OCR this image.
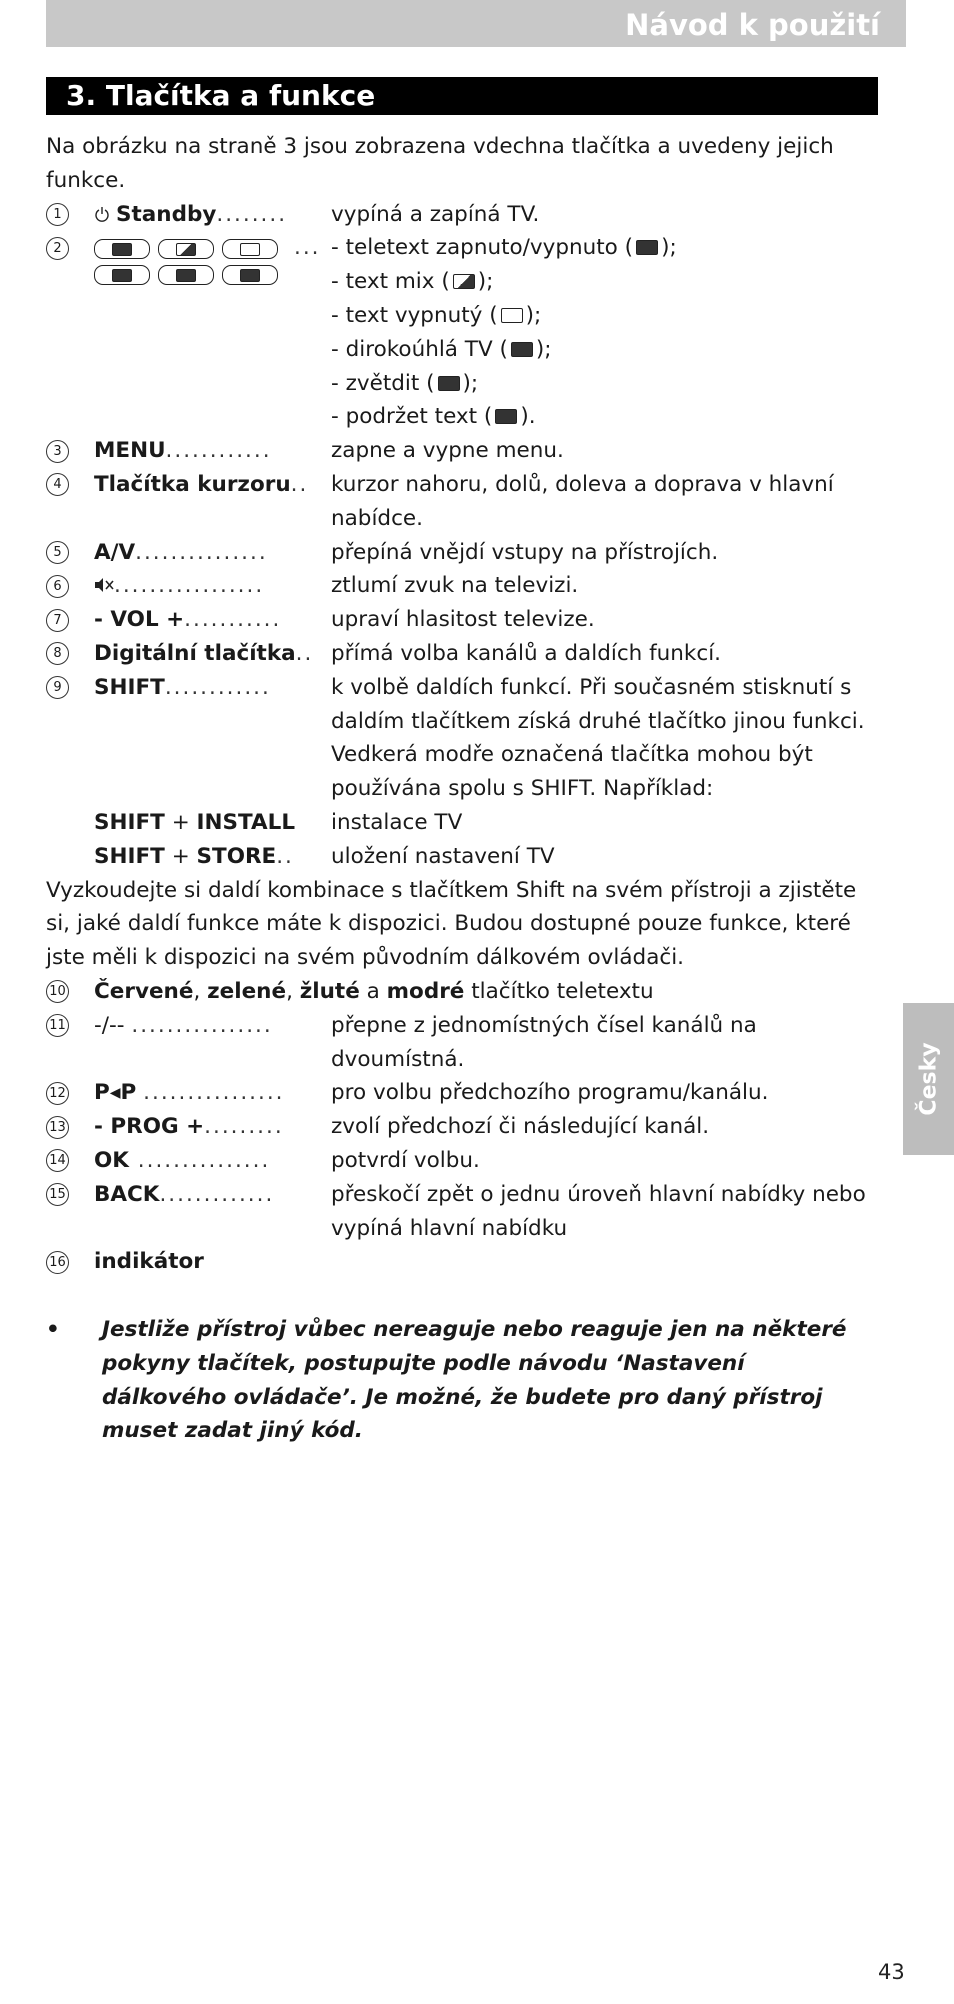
Návod k použití
3. Tlačítka a funkce

Na obrázku na straně 3 jsou zobrazena vdechna tlačítka a uvedeny jejich funkce.

1	Standby........	vypíná a zapíná TV.
2	... - teletext zapnuto/vypnuto ( );
- text mix ( );
- text vypnutý ( );
- dirokoúhlá TV ( );
- zvětdit ( );
- podržet text ( ).
3	MENU............	zapne a vypne menu.
4	Tlačítka kurzoru..	kurzor nahoru, dolů, doleva a doprava v hlavní nabídce.
5	A/V...............	přepíná vnějdí vstupy na přístrojích.
6	.................	ztlumí zvuk na televizi.
7	- VOL +...........	upraví hlasitost televize.
8	Digitální tlačítka.. přímá volba kanálů a daldích funkcí.
9	SHIFT............	k volbě daldích funkcí. Při současném stisknutí s daldím tlačítkem získá druhé tlačítko jinou funkci. Vedkerá modře označená tlačítka mohou být používána spolu s SHIFT. Například:
SHIFT + INSTALL	instalace TV
SHIFT + STORE..	uložení nastavení TV

Vyzkoudejte si daldí kombinace s tlačítkem Shift na svém přístroji a zjistěte si, jaké daldí funkce máte k dispozici. Budou dostupné pouze funkce, které jste měli k dispozici na svém původním dálkovém ovládači.

10 Červené, zelené, žluté a modré tlačítko teletextu
11 -/-- ................	přepne z jednomístných čísel kanálů na dvoumístná.
12 P◂P ................	pro volbu předchozího programu/kanálu.
13 - PROG +.........	zvolí předchozí či následující kanál.
14 OK ...............	potvrdí volbu.
15 BACK.............	přeskočí zpět o jednu úroveň hlavní nabídky nebo vypíná hlavní nabídku
16 indikátor
•	Jestliže přístroj vůbec nereaguje nebo reaguje jen na některé pokyny tlačítek, postupujte podle návodu ‘Nastavení dálkového ovládače’. Je možné, že budete pro daný přístroj muset zadat jiný kód.
Česky
43
